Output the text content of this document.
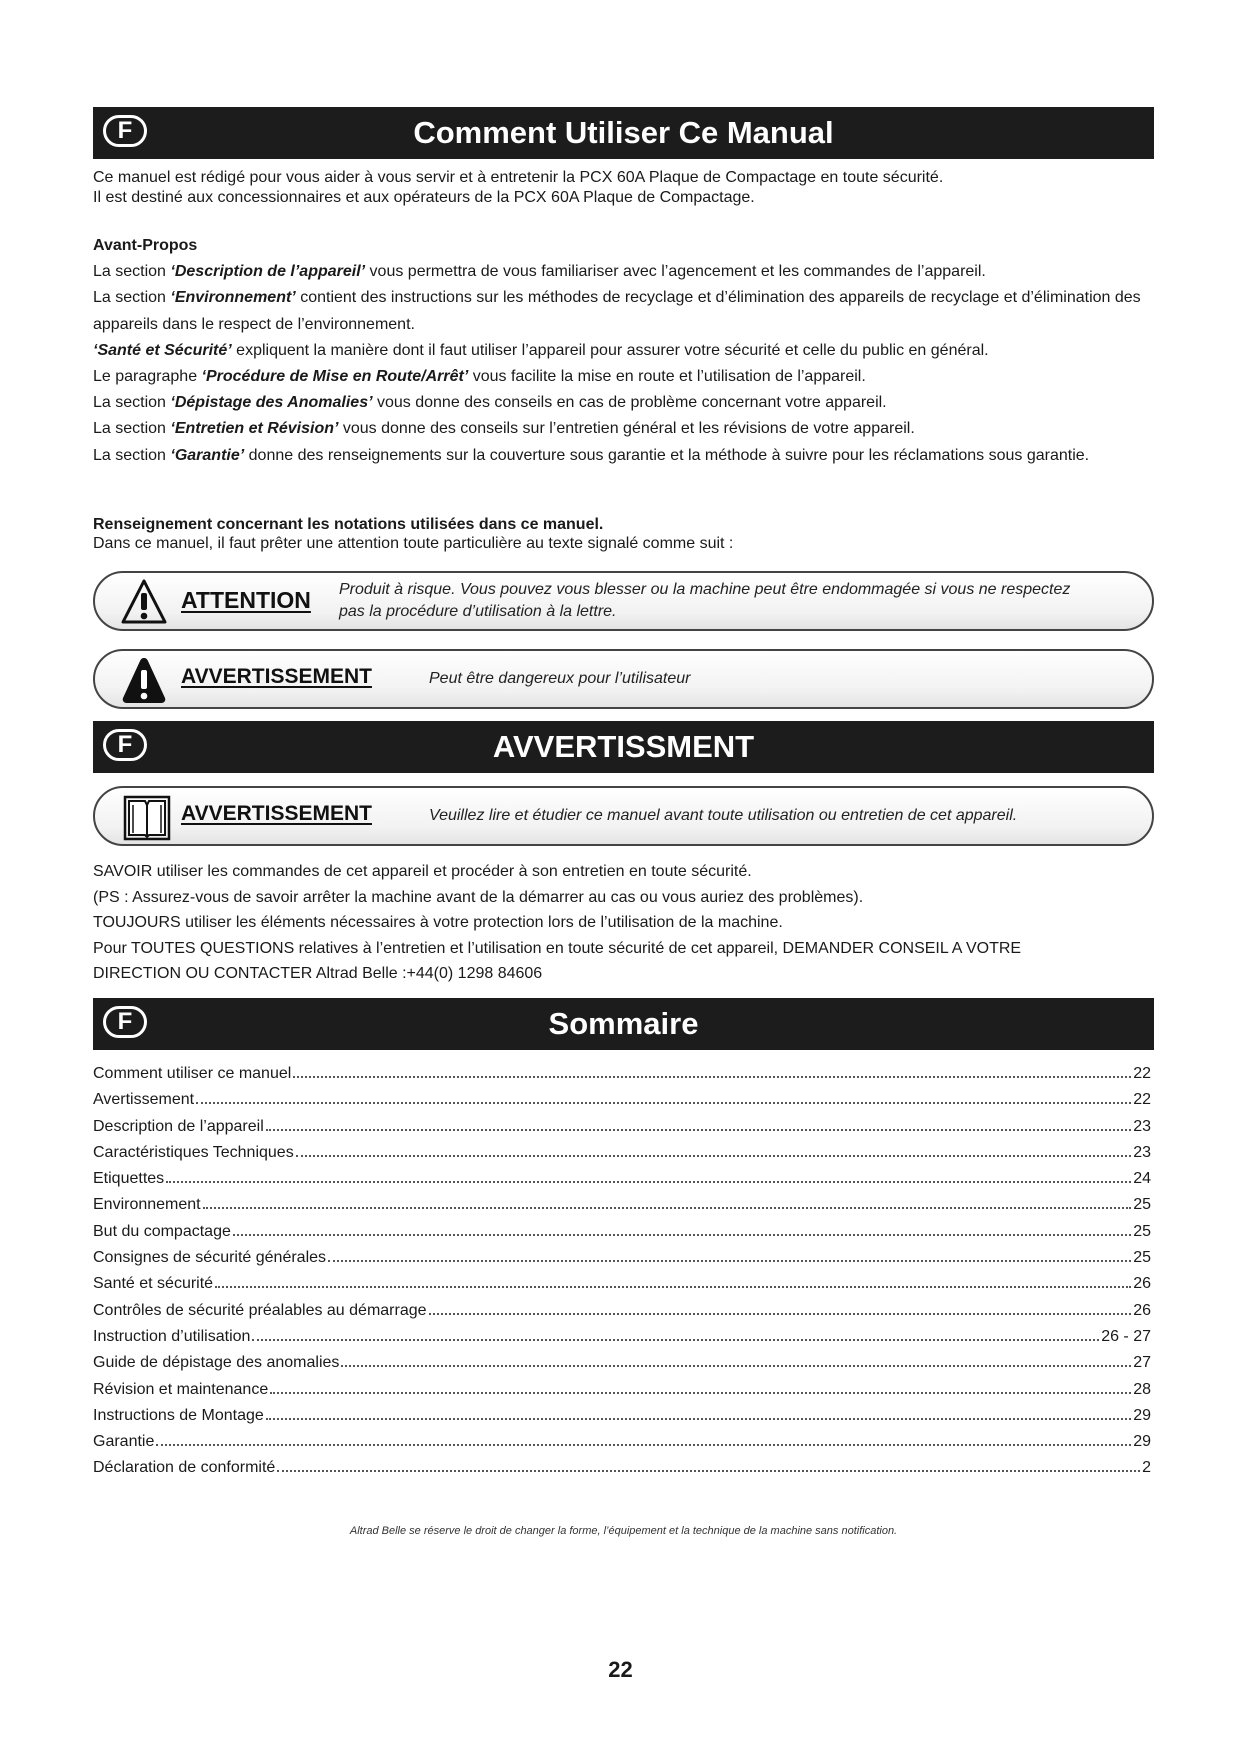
F	Comment Utiliser Ce Manual

Ce manuel est rédigé pour vous aider à vous servir et à entretenir la PCX 60A Plaque de Compactage en toute sécurité.

Il est destiné aux concessionnaires et aux opérateurs de la PCX 60A Plaque de Compactage.

Avant-Propos

La section ‘Description de l’appareil’ vous permettra de vous familiariser avec l’agencement et les commandes de l’appareil.

La section ‘Environnement’ contient des instructions sur les méthodes de recyclage et d’élimination des appareils de recyclage et d’élimination des appareils dans le respect de l’environnement.

‘Santé et Sécurité’ expliquent la manière dont il faut utiliser l’appareil pour assurer votre sécurité et celle du public en général.

Le paragraphe ‘Procédure de Mise en Route/Arrêt’ vous facilite la mise en route et l’utilisation de l’appareil.

La section ‘Dépistage des Anomalies’ vous donne des conseils en cas de problème concernant votre appareil.

La section ‘Entretien et Révision’ vous donne des conseils sur l’entretien général et les révisions de votre appareil.

La section ‘Garantie’ donne des renseignements sur la couverture sous garantie et la méthode à suivre pour les réclamations sous garantie.

Renseignement concernant les notations utilisées dans ce manuel.

Dans ce manuel, il faut prêter une attention toute particulière au texte signalé comme suit :

ATTENTION Produit à risque. Vous pouvez vous blesser ou la machine peut être endommagée si vous ne respectez
pas la procédure d’utilisation à la lettre.
AVVERTISSEMENT	Peut être dangereux pour l’utilisateur
F	AVVERTISSMENT
AVVERTISSEMENT	Veuillez lire et étudier ce manuel avant toute utilisation ou entretien de cet appareil.

SAVOIR utiliser les commandes de cet appareil et procéder à son entretien en toute sécurité.

(PS : Assurez-vous de savoir arrêter la machine avant de la démarrer au cas ou vous auriez des problèmes).

TOUJOURS utiliser les éléments nécessaires à votre protection lors de l’utilisation de la machine.

Pour TOUTES QUESTIONS relatives à l’entretien et l’utilisation en toute sécurité de cet appareil, DEMANDER CONSEIL A VOTRE

DIRECTION OU CONTACTER Altrad Belle :+44(0) 1298 84606

F	Sommaire
Comment utiliser ce manuel	22
Avertissement	22
Description de l’appareil	23
Caractéristiques Techniques	23
Etiquettes	24
Environnement	25
But du compactage	25
Consignes de sécurité générales	25
Santé et sécurité	26
Contrôles de sécurité préalables au démarrage	26
Instruction d’utilisation	26 - 27
Guide de dépistage des anomalies	27
Révision et maintenance	28
Instructions de Montage	29
Garantie	29
Déclaration de conformité	2
Altrad Belle se réserve le droit de changer la forme, l’équipement et la technique de la machine sans notification.
22
